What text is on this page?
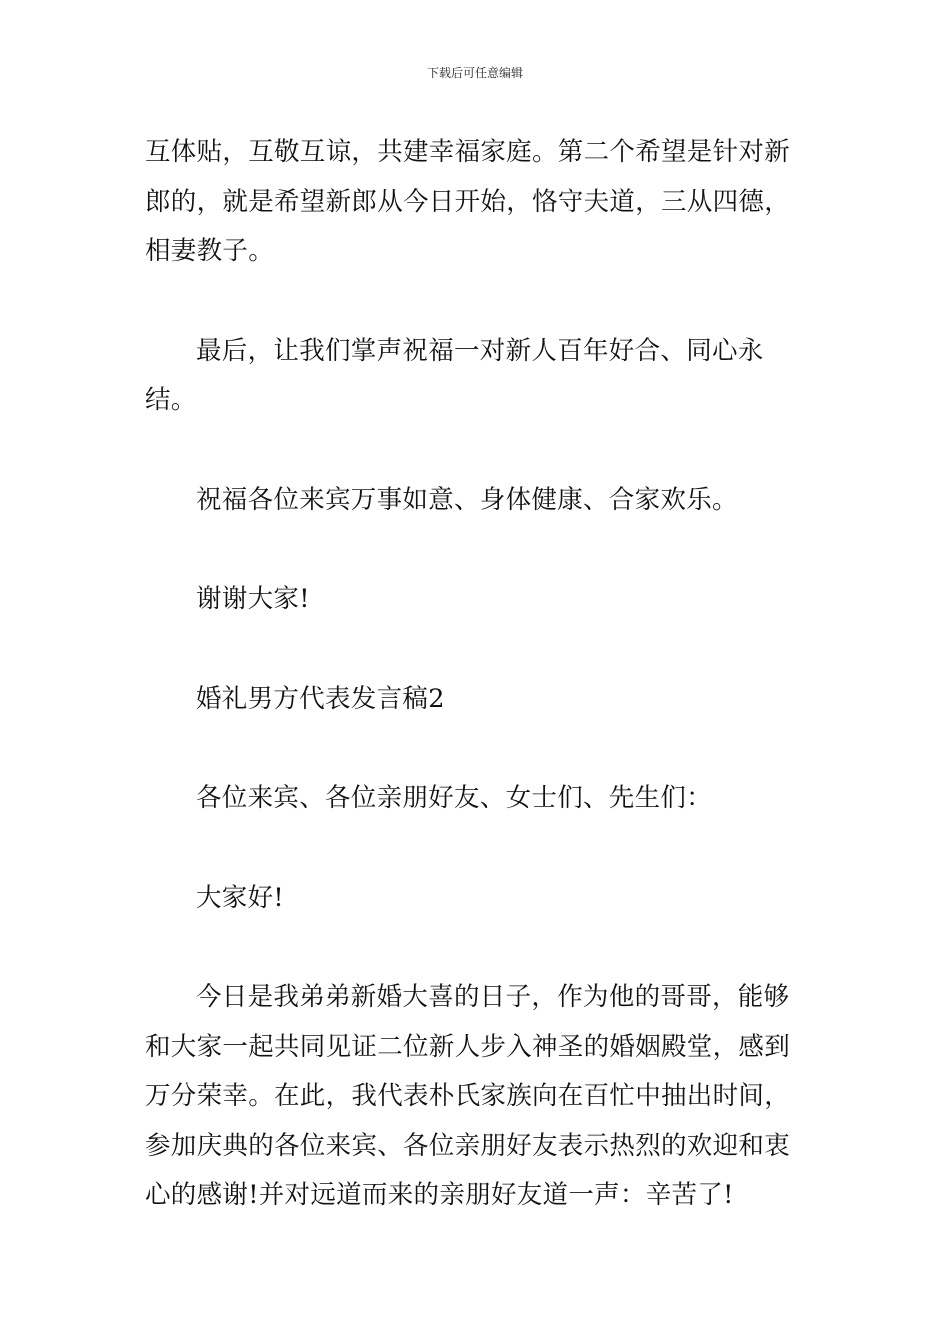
下载后可任意编辑

互体贴，互敬互谅，共建幸福家庭。第二个希望是针对新郎的，就是希望新郎从今日开始，恪守夫道，三从四德，相妻教子。

最后，让我们掌声祝福一对新人百年好合、同心永结。

祝福各位来宾万事如意、身体健康、合家欢乐。

谢谢大家!

婚礼男方代表发言稿2

各位来宾、各位亲朋好友、女士们、先生们：

大家好!

今日是我弟弟新婚大喜的日子，作为他的哥哥，能够和大家一起共同见证二位新人步入神圣的婚姻殿堂，感到万分荣幸。在此，我代表朴氏家族向在百忙中抽出时间，参加庆典的各位来宾、各位亲朋好友表示热烈的欢迎和衷心的感谢!并对远道而来的亲朋好友道一声：辛苦了!
